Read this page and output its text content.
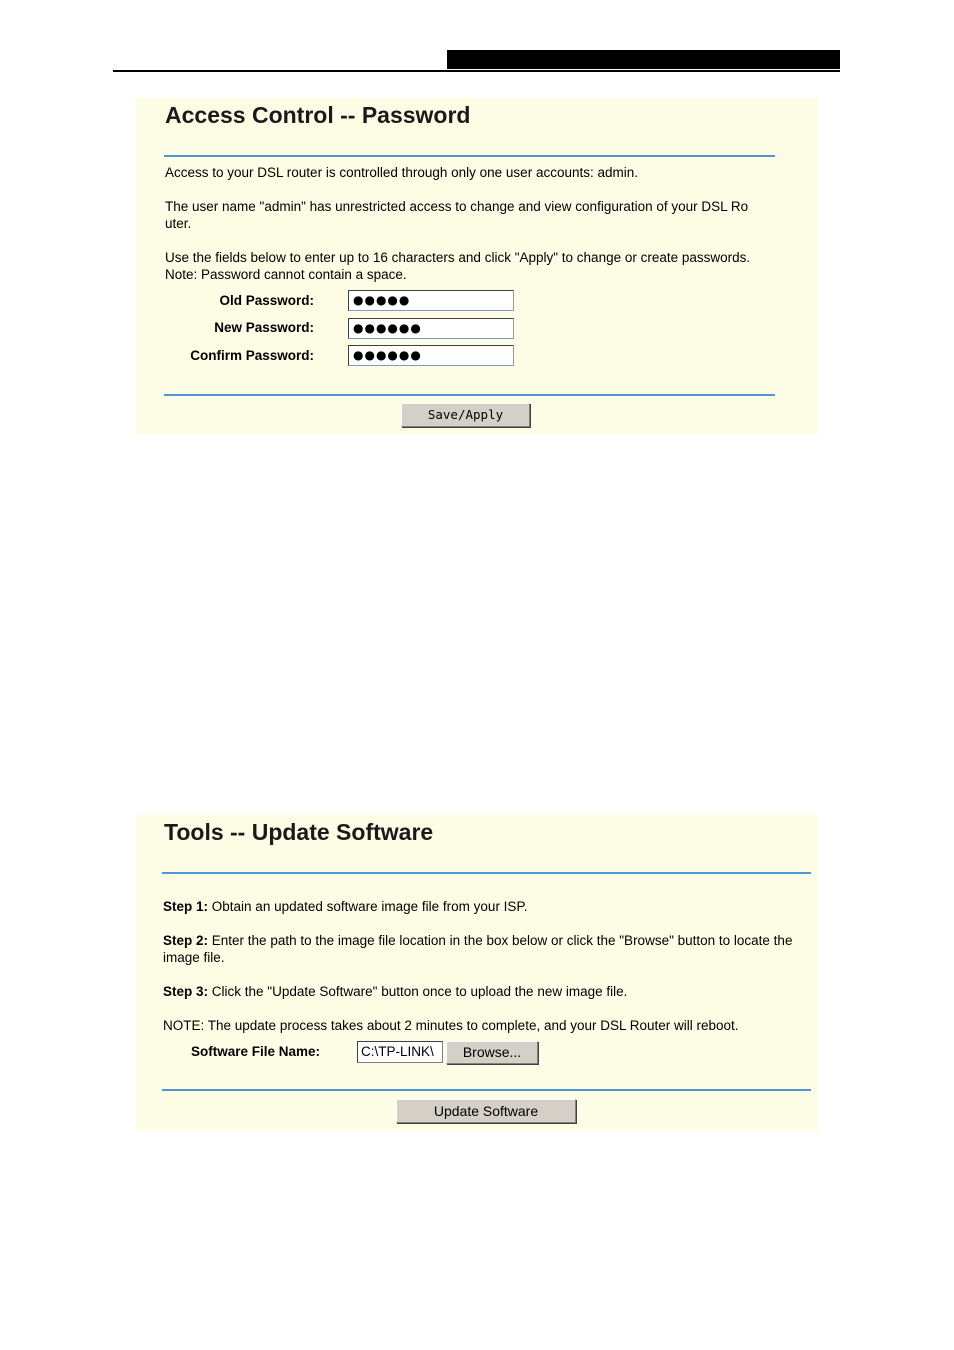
Access Control -- Password
Access to your DSL router is controlled through only one user accounts: admin.
The user name "admin" has unrestricted access to change and view configuration of your DSL Ro
uter.
Use the fields below to enter up to 16 characters and click "Apply" to change or create passwords.
Note: Password cannot contain a space.
Old Password:	●●●●●
New Password:	●●●●●●
Confirm Password:	●●●●●●
Save/Apply
Tools -- Update Software
Step 1: Obtain an updated software image file from your ISP.
Step 2: Enter the path to the image file location in the box below or click the "Browse" button to locate the
image file.
Step 3: Click the "Update Software" button once to upload the new image file.
NOTE: The update process takes about 2 minutes to complete, and your DSL Router will reboot.
Software File Name:	C:\TP-LINK\	Browse...
Update Software
